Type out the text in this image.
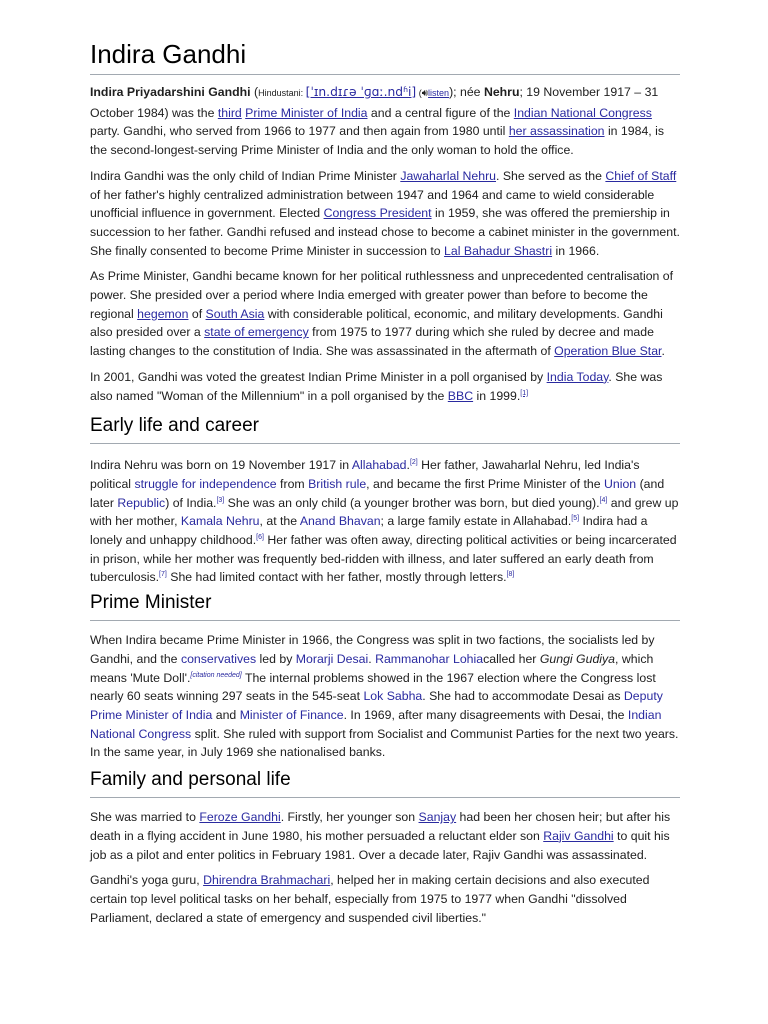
Indira Gandhi

Indira Priyadarshini Gandhi (Hindustani: [ˈɪn.dɪɾə ˈɡɑː.ndʱi] (🔊︎listen); née Nehru; 19 November 1917 – 31 October 1984) was the third Prime Minister of India and a central figure of the Indian National Congress party. Gandhi, who served from 1966 to 1977 and then again from 1980 until her assassination in 1984, is the second-longest-serving Prime Minister of India and the only woman to hold the office.

Indira Gandhi was the only child of Indian Prime Minister Jawaharlal Nehru. She served as the Chief of Staff of her father's highly centralized administration between 1947 and 1964 and came to wield considerable unofficial influence in government. Elected Congress President in 1959, she was offered the premiership in succession to her father. Gandhi refused and instead chose to become a cabinet minister in the government. She finally consented to become Prime Minister in succession to Lal Bahadur Shastri in 1966.

As Prime Minister, Gandhi became known for her political ruthlessness and unprecedented centralisation of power. She presided over a period where India emerged with greater power than before to become the regional hegemon of South Asia with considerable political, economic, and military developments. Gandhi also presided over a state of emergency from 1975 to 1977 during which she ruled by decree and made lasting changes to the constitution of India. She was assassinated in the aftermath of Operation Blue Star.

In 2001, Gandhi was voted the greatest Indian Prime Minister in a poll organised by India Today. She was also named "Woman of the Millennium" in a poll organised by the BBC in 1999.[1]

Early life and career

Indira Nehru was born on 19 November 1917 in Allahabad.[2] Her father, Jawaharlal Nehru, led India's political struggle for independence from British rule, and became the first Prime Minister of the Union (and later Republic) of India.[3] She was an only child (a younger brother was born, but died young).[4] and grew up with her mother, Kamala Nehru, at the Anand Bhavan; a large family estate in Allahabad.[5] Indira had a lonely and unhappy childhood.[6] Her father was often away, directing political activities or being incarcerated in prison, while her mother was frequently bed-ridden with illness, and later suffered an early death from tuberculosis.[7] She had limited contact with her father, mostly through letters.[8]

Prime Minister

When Indira became Prime Minister in 1966, the Congress was split in two factions, the socialists led by Gandhi, and the conservatives led by Morarji Desai. Rammanohar Lohiacalled her Gungi Gudiya, which means 'Mute Doll'.[citation needed] The internal problems showed in the 1967 election where the Congress lost nearly 60 seats winning 297 seats in the 545-seat Lok Sabha. She had to accommodate Desai as Deputy Prime Minister of India and Minister of Finance. In 1969, after many disagreements with Desai, the Indian National Congress split. She ruled with support from Socialist and Communist Parties for the next two years. In the same year, in July 1969 she nationalised banks.

Family and personal life

She was married to Feroze Gandhi. Firstly, her younger son Sanjay had been her chosen heir; but after his death in a flying accident in June 1980, his mother persuaded a reluctant elder son Rajiv Gandhi to quit his job as a pilot and enter politics in February 1981. Over a decade later, Rajiv Gandhi was assassinated.

Gandhi's yoga guru, Dhirendra Brahmachari, helped her in making certain decisions and also executed certain top level political tasks on her behalf, especially from 1975 to 1977 when Gandhi "dissolved Parliament, declared a state of emergency and suspended civil liberties."
